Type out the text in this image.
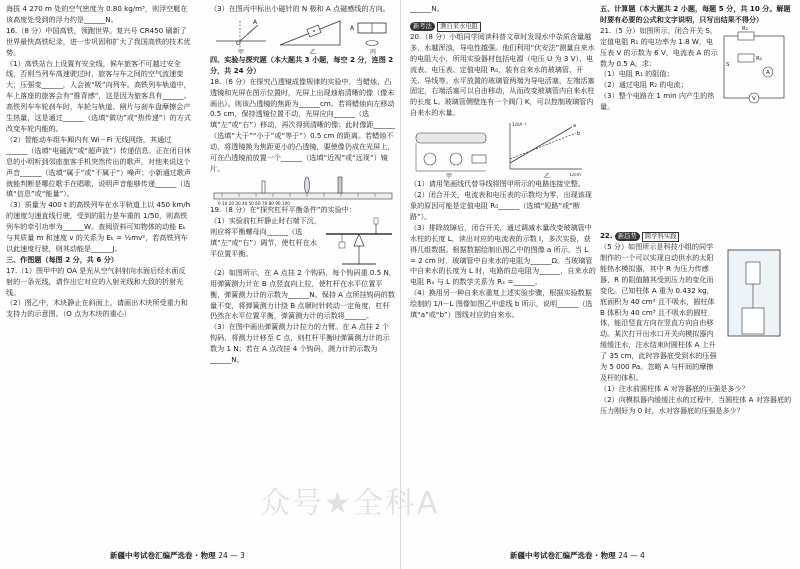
海拔 4 270 m 处的空气密度为 0.80 kg/m³，则浮空艇在该高度处受到的浮力约是______N。

16.（8 分）中国高铁，领跑世界。复兴号 CR450 刷新了世界最快高铁纪录，进一步巩固和扩大了我国高铁的技术优势。

（1）高铁站台上设置有安全线，候车旅客不可越过安全线，否则当列车高速驶过时，旅客与车之间的空气流速变大，压强变______，人会被“吸”向列车。高铁列车轨道中，车上落座的旅客会有“推背感”，这是因为旅客具有______。高铁列车车轮刹车时，车轮与轨道、闸片与刹车盘摩擦会产生热量，这是通过______（选填“做功”或“热传递”）的方式改变车轮内能的。

（2）智能动车组车厢内有 Wi－Fi 无线网络，其通过______（选填“电磁波”或“超声波”）传递信息。正在闭目休息的小明听到邻座旅客手机突然传出的歌声，对他来说这个声音______（选填“属于”或“不属于”）噪声；小新通过歌声就能判断是哪位歌手在唱歌，说明声音能够传递______（选填“信息”或“能量”）。

（3）质量为 400 t 的高铁列车在水平轨道上以 450 km/h 的速度匀速直线行驶，受到的阻力是车重的 1/50，则高铁列车的牵引功率为______W。查阅资料可知物体的动能 Eₖ 与其质量 m 和速度 v 的关系为 Eₖ = ½mv²，若高铁列车以此速度行驶，则其动能是______J。

三、作图题（每图 2 分，共 6 分）

17.（1）图甲中的 OA 是光从空气斜射向水面后经水面反射的一条光线，请作出它对应的入射光线和大致的折射光线。

（2）图乙中，木块静止在斜面上，请画出木块所受重力和支持力的示意图。（O 点为木块的重心）

（3）在图丙中标出小磁针的 N 极和 A 点磁感线的方向。

A
O
A
甲	乙	丙

四、实验与探究题（本大题共 3 小题，每空 2 分，连图 2 分，共 24 分）

18.（6 分）在探究凸透镜成像规律的实验中，当蜡烛、凸透镜和光屏在图示位置时，光屏上出现烛焰清晰的像（像未画出）。则该凸透镜的焦距为______cm。若将蜡烛向左移动 0.5 cm，保持透镜位置不动，光屏应向______（选填“左”或“右”）移动，再次得到清晰的像；此时像距______（选填“大于”“小于”或“等于”）0.5 cm 的距离。若蜡烛不动，将透镜换为焦距更小的凸透镜，要使像仍成在光屏上，可在凸透镜前放置一个______（选填“近视”或“远视”）镜片。

0 10 20 30 40 50 60 70 80 90 100

19.（8 分）在“探究杠杆平衡条件”的实验中：

（1）实验前杠杆静止时右端下沉，则应将平衡螺母向______（选填“左”或“右”）调节，使杠杆在水平位置平衡。

（2）如图所示，在 A 点挂 2 个钩码，每个钩码重 0.5 N，用弹簧测力计在 B 点竖直向上拉，使杠杆在水平位置平衡，弹簧测力计的示数为______N。保持 A 点所挂钩码的数量不变，将弹簧测力计绕 B 点顺时针转动一定角度，杠杆仍然在水平位置平衡，弹簧测力计的示数将______。

（3）在图中画出弹簧测力计拉力的力臂。在 A 点挂 2 个钩码，将测力计移至 C 点，则杠杆平衡时弹簧测力计的示数为 1 N；若在 A 点改挂 4 个钩码，测力计的示数为______N。

______N。

新考法 测自来水电阻

20.（8 分）小组同学阅读科普文章时发现水中杂质含量越多，水越浑浊，导电性越强。他们利用“伏安法”测量自来水的电阻大小，所用实验器材包括电源（电压 U 为 3 V）、电流表、电压表、定值电阻 R₀，装有自来水的玻璃管、开关、导线等。水平放置的玻璃管两端为导电活塞，左端活塞固定，右端活塞可以自由移动，从而改变玻璃管内自来水柱的长度 L。玻璃管侧壁连有一个阀门 K，可以控制玻璃管内自来水的水量。

甲
a
b
1/I/A⁻¹
L/cm
乙

（1）请用笔画线代替导线将图甲所示的电路连接完整。

（2）闭合开关，电流表和电压表的示数均为零，出现该现象的原因可能是定值电阻 R₀______（选填“短路”或“断路”）。

（3）排除故障后，闭合开关，通过调减水量改变玻璃管中水柱的长度 L，读出对应的电流表的示数 I，多次实验，获得几组数据。根据数据绘制出图乙中的图像 a 所示，当 L = 2 cm 时，玻璃管中自来水的电阻为______Ω。当玻璃管中自来水的长度为 L 时，电路的总电阻为______，自来水的电阻 Rₓ 与 L 的数学关系为 Rₓ =______。

（4）换用另一种自来水重复上述实验步骤，根据实验数据绘制的 1/I－L 图像如图乙中虚线 b 所示，说明______（选填“a”或“b”）图线对应的自来水。

五、计算题（本大题共 2 小题，每题 5 分，共 10 分。解题时要有必要的公式和文字说明，只写出结果不得分）

21.（5 分）如图所示，闭合开关 S，定值电阻 R₁ 的电功率为 1.8 W，电压表 V 的示数为 6 V，电流表 A 的示数为 0.5 A。求：

（1）电阻 R₁ 的阻值；

（2）通过电阻 R₂ 的电流；

（3）整个电路在 1 min 内产生的热量。

R₁
R₂
A
V
S

22. 新趋势 跨学科实践

（5 分）如图所示是科技小组的同学制作的一个可以实现自动供水的太阳能热水模拟器，其中 R 为压力传感器，R 的阻值随其受到压力的变化而变化。已知柱体 A 重为 0.432 kg，底面积为 40 cm² 且不吸水，圆柱体 B 体积为 40 cm³ 且不吸水的圆柱体，能沿竖直方向在竖直方向自由移动。某次打开出水口开关向模拟器内缓缓注水，注水结束时圆柱体 A 上升了 35 cm，此时容器底受到水的压强为 5 000 Pa。忽略 A 与杆间的摩擦及杆的体积。

（1）注水前圆柱体 A 对容器底的压强是多少？

（2）向模拟器内缓缓注水的过程中，当圆柱体 A 对容器底的压力刚好为 0 时，水对容器底的压强是多少？

众号★全科A
新疆中考试卷汇编严选卷 · 物理 24 — 3	新疆中考试卷汇编严选卷 · 物理 24 — 4
